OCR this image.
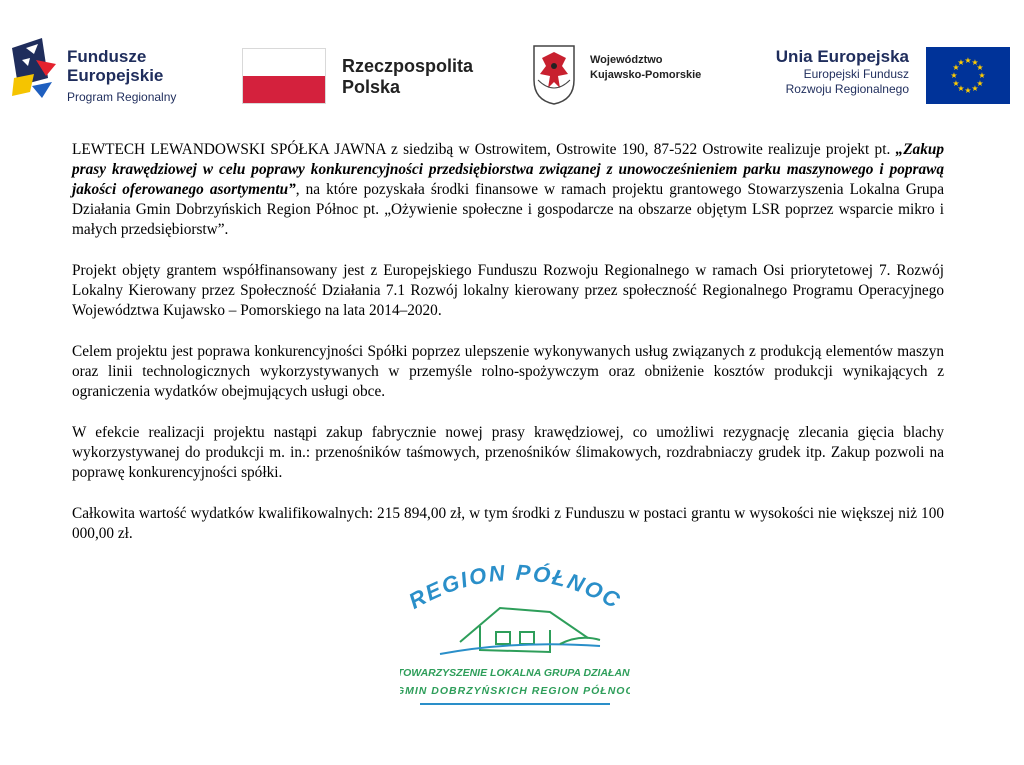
Fundusze
Europejskie
Program Regionalny
Rzeczpospolita
Polska
Województwo
Kujawsko-Pomorskie
Unia Europejska
Europejski Fundusz
Rozwoju Regionalnego
★ ★
★
★
★
★
★
★
★
★
★
★

LEWTECH LEWANDOWSKI SPÓŁKA JAWNA z siedzibą w Ostrowitem, Ostrowite 190, 87-522 Ostrowite realizuje projekt pt. „Zakup prasy krawędziowej w celu poprawy konkurencyjności przedsiębiorstwa związanej z unowocześnieniem parku maszynowego i poprawą jakości oferowanego asortymentu”, na które pozyskała środki finansowe w ramach projektu grantowego Stowarzyszenia Lokalna Grupa Działania Gmin Dobrzyńskich Region Północ pt. „Ożywienie społeczne i gospodarcze na obszarze objętym LSR poprzez wsparcie mikro i małych przedsiębiorstw”.

Projekt objęty grantem współfinansowany jest z Europejskiego Funduszu Rozwoju Regionalnego w ramach Osi priorytetowej 7. Rozwój Lokalny Kierowany przez Społeczność Działania 7.1 Rozwój lokalny kierowany przez społeczność Regionalnego Programu Operacyjnego Województwa Kujawsko – Pomorskiego na lata 2014–2020.

Celem projektu jest poprawa konkurencyjności Spółki poprzez ulepszenie wykonywanych usług związanych z produkcją elementów maszyn oraz linii technologicznych wykorzystywanych w przemyśle rolno-spożywczym oraz obniżenie kosztów produkcji wynikających z ograniczenia wydatków obejmujących usługi obce.

W efekcie realizacji projektu nastąpi zakup fabrycznie nowej prasy krawędziowej, co umożliwi rezygnację zlecania gięcia blachy wykorzystywanej do produkcji m. in.: przenośników taśmowych, przenośników ślimakowych, rozdrabniaczy grudek itp. Zakup pozwoli na poprawę konkurencyjności spółki.

Całkowita wartość wydatków kwalifikowalnych: 215 894,00 zł, w tym środki z Funduszu w postaci grantu w wysokości nie większej niż 100 000,00 zł.

REGION PÓŁNOC
STOWARZYSZENIE LOKALNA GRUPA DZIAŁANIA
GMIN DOBRZYŃSKICH REGION PÓŁNOC
